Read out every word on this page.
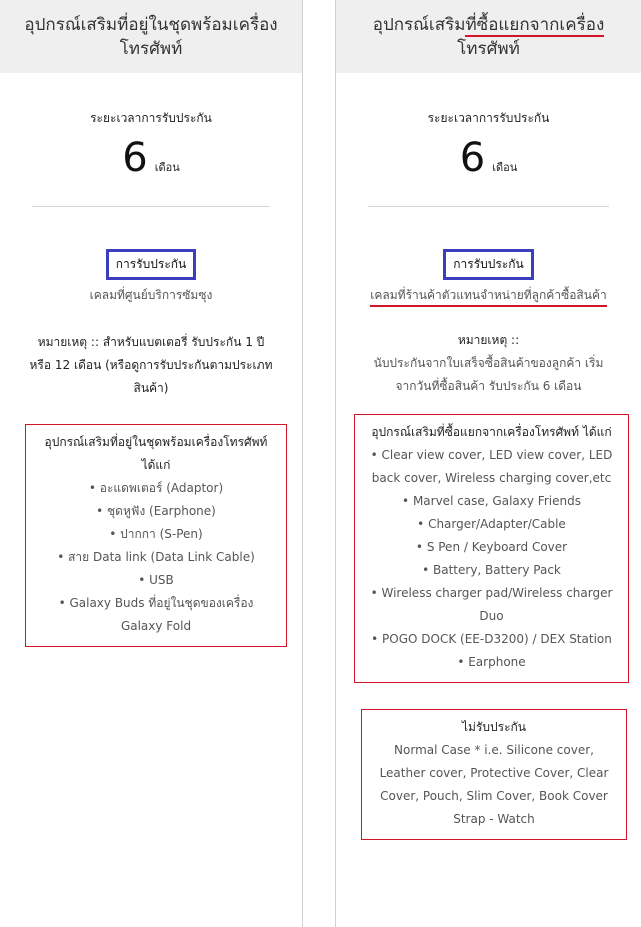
อุปกรณ์เสริมที่อยู่ในชุดพร้อมเครื่องโทรศัพท์
ระยะเวลาการรับประกัน
6 เดือน
การรับประกัน
เคลมที่ศูนย์บริการซัมซุง
หมายเหตุ :: สำหรับแบตเตอรี่ รับประกัน 1 ปี หรือ 12 เดือน (หรือดูการรับประกันตามประเภทสินค้า)
อุปกรณ์เสริมที่อยู่ในชุดพร้อมเครื่องโทรศัพท์ ได้แก่
• อะแดพเตอร์ (Adaptor)
• ชุดหูฟัง (Earphone)
• ปากกา (S-Pen)
• สาย Data link (Data Link Cable)
• USB
• Galaxy Buds ที่อยู่ในชุดของเครื่อง Galaxy Fold
อุปกรณ์เสริมที่ซื้อแยกจากเครื่อง โทรศัพท์
ระยะเวลาการรับประกัน
6 เดือน
การรับประกัน
เคลมที่ร้านค้าตัวแทนจำหน่ายที่ลูกค้าซื้อสินค้า
หมายเหตุ ::
นับประกันจากใบเสร็จซื้อสินค้าของลูกค้า เริ่มจากวันที่ซื้อสินค้า รับประกัน 6 เดือน
อุปกรณ์เสริมที่ซื้อแยกจากเครื่องโทรศัพท์ ได้แก่
• Clear view cover, LED view cover, LED back cover, Wireless charging cover,etc
• Marvel case, Galaxy Friends
• Charger/Adapter/Cable
• S Pen / Keyboard Cover
• Battery, Battery Pack
• Wireless charger pad/Wireless charger Duo
• POGO DOCK (EE-D3200) / DEX Station
• Earphone
ไม่รับประกัน
Normal Case * i.e. Silicone cover, Leather cover, Protective Cover, Clear Cover, Pouch, Slim Cover, Book Cover Strap - Watch
